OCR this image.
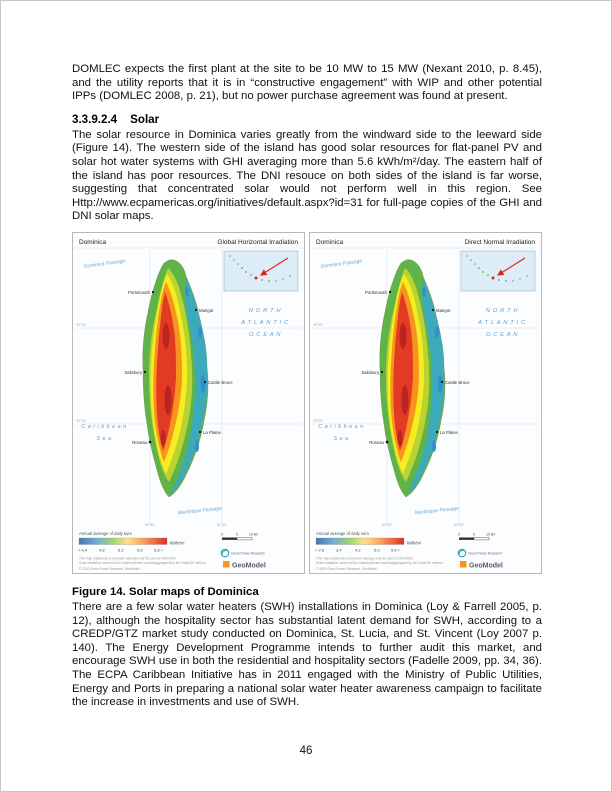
DOMLEC expects the first plant at the site to be 10 MW to 15 MW (Nexant 2010, p. 8.45), and the utility reports that it is in “constructive engagement” with WIP and other potential IPPs (DOMLEC 2008, p. 21), but no power purchase agreement was found at present.

3.3.9.2.4 Solar

The solar resource in Dominica varies greatly from the windward side to the leeward side (Figure 14). The western side of the island has good solar resources for flat-panel PV and solar hot water systems with GHI averaging more than 5.6 kWh/m²/day. The eastern half of the island has poor resources. The DNI resouce on both sides of the island is far worse, suggesting that concentrated solar would not perform well in this region. See Http://www.ecpamericas.org/initiatives/default.aspx?id=31 for full-page copies of the GHI and DNI solar maps.

15°40'
15°20'
61°40'	61°20'
Dominica	Global Horizontal Irradiation
Dominica Passage
N O R T H
A T L A N T I C
O C E A N
C a r i b b e a n
S e a
Martinique Passage
Portsmouth
Marigot
Salisbury
Castle Bruce
Roseau
La Plaine
Annual average of daily sum
< 4.4	4.8	5.2	5.6	5.8 <
kWh/m²
This map represents a long-term average over the period 1999-2009.
Solar irradiation sourced from SolarAnywhere and disaggregated by the SolarGIS method.
© 2010 Clean Power Research, GeoModel
0	5	10 km
Clean Power Research
GeoModel
15°40'
15°20'
61°40'	61°20'
Dominica	Direct Normal Irradiation
Dominica Passage
N O R T H
A T L A N T I C
O C E A N
C a r i b b e a n
S e a
Martinique Passage
Portsmouth
Marigot
Salisbury
Castle Bruce
Roseau
La Plaine
Annual average of daily sum
< 2.6	3.4	4.2	5.0	5.8 <
kWh/m²
This map represents a long-term average over the period 1999-2009.
Solar irradiation sourced from SolarAnywhere and disaggregated by the SolarGIS method.
© 2010 Clean Power Research, GeoModel
0	5	10 km
Clean Power Research
GeoModel

Figure 14. Solar maps of Dominica

There are a few solar water heaters (SWH) installations in Dominica (Loy & Farrell 2005, p. 12), although the hospitality sector has substantial latent demand for SWH, according to a CREDP/GTZ market study conducted on Dominica, St. Lucia, and St. Vincent (Loy 2007 p. 140). The Energy Development Programme intends to further audit this market, and encourage SWH use in both the residential and hospitality sectors (Fadelle 2009, pp. 34, 36). The ECPA Caribbean Initiative has in 2011 engaged with the Ministry of Public Utilities, Energy and Ports in preparing a national solar water heater awareness campaign to facilitate the increase in investments and use of SWH.

46
